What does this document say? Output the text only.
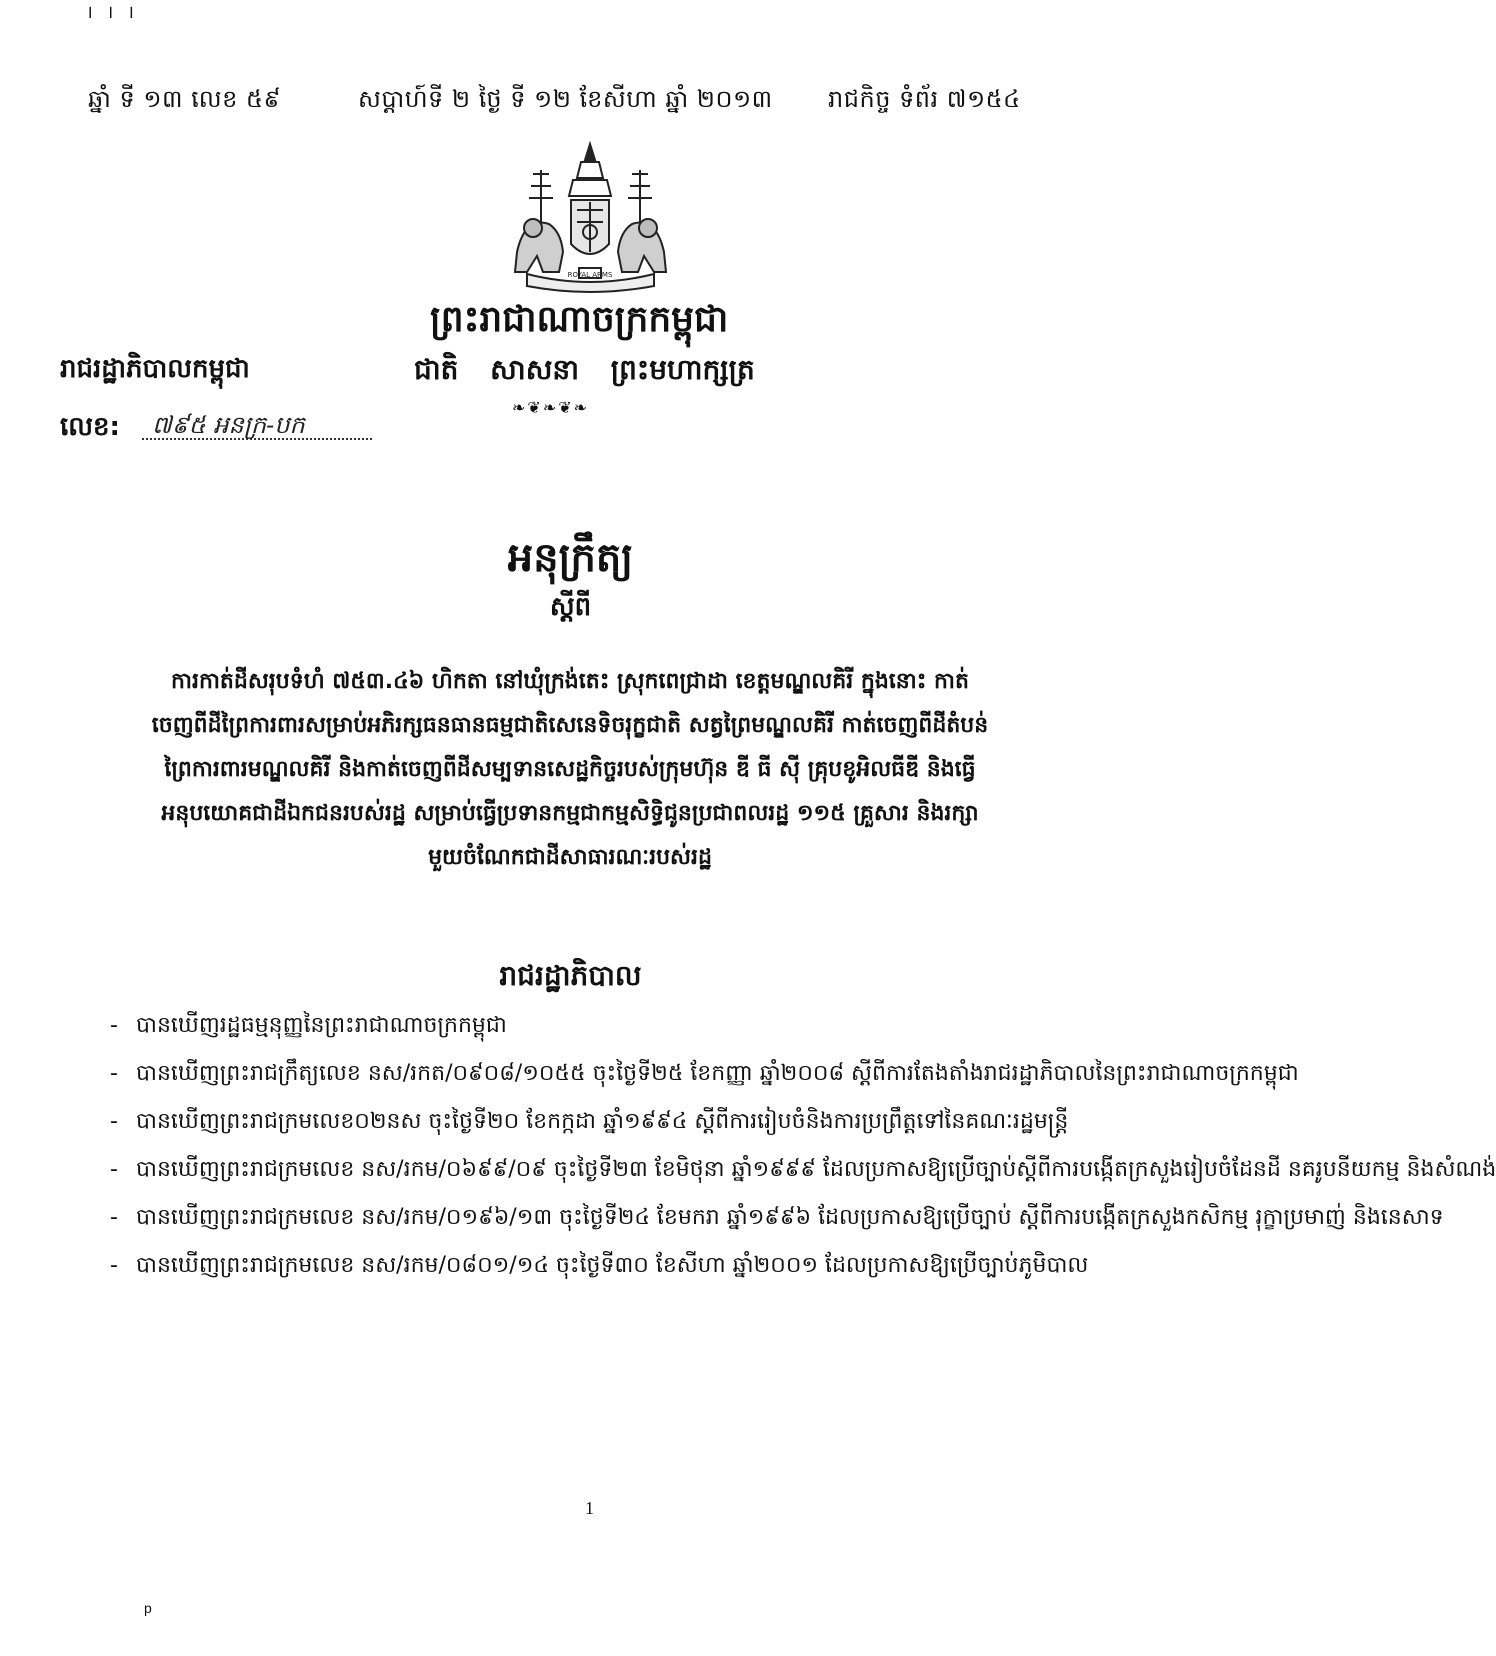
। । ।
ឆ្នាំ ទី ១៣ លេខ ៥៩	សប្តាហ៍ទី ២ ថ្ងៃ ទី ១២ ខែសីហា ឆ្នាំ ២០១៣ រាជកិច្ច ទំព័រ ៧១៥៤
ROYAL ARMS
ព្រះរាជាណាចក្រកម្ពុជា
រាជរដ្ឋាភិបាលកម្ពុជា	ជាតិ សាសនា ព្រះមហាក្សត្រ
❧❦❧❦❧
លេខ: ៧៩៥ អនក្រ-បក
អនុក្រឹត្យ
ស្តីពី
ការកាត់ដីសរុបទំហំ ៧៥៣.៤៦ ហិកតា នៅឃុំក្រង់តេះ ស្រុកពេជ្រាដា ខេត្តមណ្ឌលគិរី ក្នុងនោះ កាត់ចេញពីដីព្រៃការពារសម្រាប់អភិរក្សធនធានធម្មជាតិសេនេទិចរុក្ខជាតិ សត្វព្រៃមណ្ឌលគិរី កាត់ចេញពីដីតំបន់ព្រៃការពារមណ្ឌលគិរី និងកាត់ចេញពីដីសម្បទានសេដ្ឋកិច្ចរបស់ក្រុមហ៊ុន ឌី ធី ស៊ី គ្រុបខូអិលធីឌី និងធ្វើអនុបយោគជាដីឯកជនរបស់រដ្ឋ សម្រាប់ធ្វើប្រទានកម្មជាកម្មសិទ្ធិជូនប្រជាពលរដ្ឋ ១១៥ គ្រួសារ និងរក្សាមួយចំណែកជាដីសាធារណៈរបស់រដ្ឋ
រាជរដ្ឋាភិបាល
- បានឃើញរដ្ឋធម្មនុញ្ញនៃព្រះរាជាណាចក្រកម្ពុជា
- បានឃើញព្រះរាជក្រឹត្យលេខ នស/រកត/០៩០៨/១០៥៥ ចុះថ្ងៃទី២៥ ខែកញ្ញា ឆ្នាំ២០០៨ ស្តីពីការតែងតាំងរាជរដ្ឋាភិបាលនៃព្រះរាជាណាចក្រកម្ពុជា
- បានឃើញព្រះរាជក្រមលេខ០២នស ចុះថ្ងៃទី២០ ខែកក្កដា ឆ្នាំ១៩៩៤ ស្តីពីការរៀបចំនិងការប្រព្រឹត្តទៅនៃគណៈរដ្ឋមន្ត្រី
- បានឃើញព្រះរាជក្រមលេខ នស/រកម/០៦៩៩/០៩ ចុះថ្ងៃទី២៣ ខែមិថុនា ឆ្នាំ១៩៩៩ ដែលប្រកាសឱ្យប្រើច្បាប់ស្តីពីការបង្កើតក្រសួងរៀបចំដែនដី នគរូបនីយកម្ម និងសំណង់
- បានឃើញព្រះរាជក្រមលេខ នស/រកម/០១៩៦/១៣ ចុះថ្ងៃទី២៤ ខែមករា ឆ្នាំ១៩៩៦ ដែលប្រកាសឱ្យប្រើច្បាប់ ស្តីពីការបង្កើតក្រសួងកសិកម្ម រុក្ខាប្រមាញ់ និងនេសាទ
- បានឃើញព្រះរាជក្រមលេខ នស/រកម/០៨០១/១៤ ចុះថ្ងៃទី៣០ ខែសីហា ឆ្នាំ២០០១ ដែលប្រកាសឱ្យប្រើច្បាប់ភូមិបាល
1
p
